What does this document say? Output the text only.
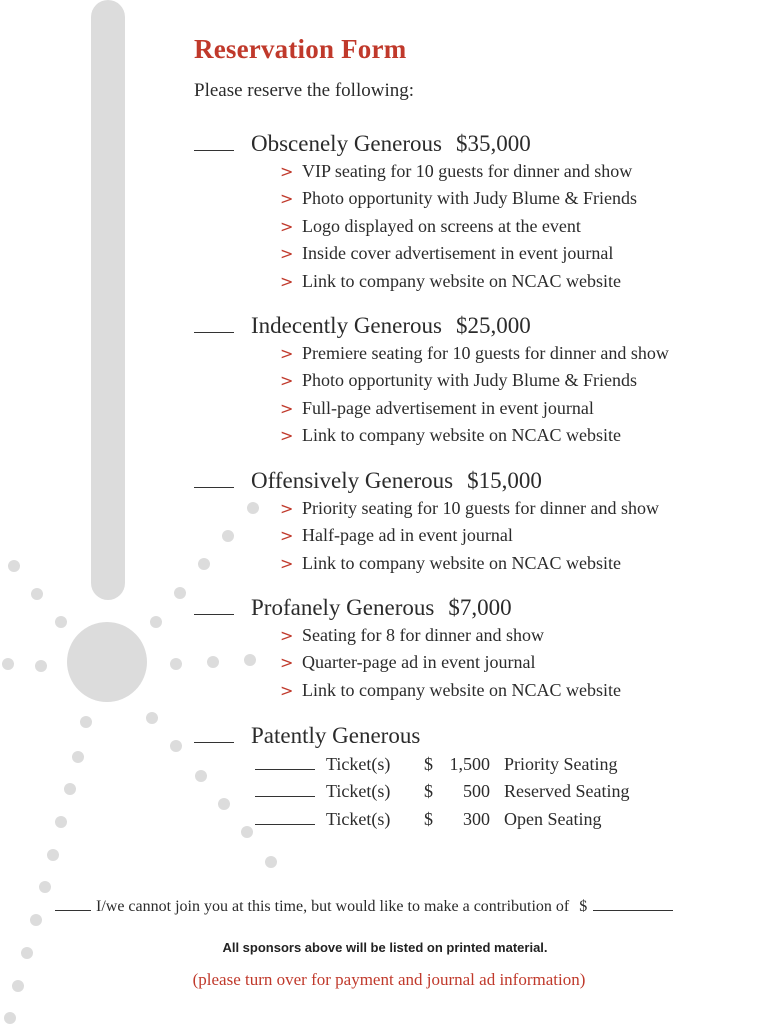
Reservation Form
Please reserve the following:
Obscenely Generous $35,000
> VIP seating for 10 guests for dinner and show
> Photo opportunity with Judy Blume & Friends
> Logo displayed on screens at the event
> Inside cover advertisement in event journal
> Link to company website on NCAC website
Indecently Generous $25,000
> Premiere seating for 10 guests for dinner and show
> Photo opportunity with Judy Blume & Friends
> Full-page advertisement in event journal
> Link to company website on NCAC website
Offensively Generous $15,000
> Priority seating for 10 guests for dinner and show
> Half-page ad in event journal
> Link to company website on NCAC website
Profanely Generous $7,000
> Seating for 8 for dinner and show
> Quarter-page ad in event journal
> Link to company website on NCAC website
Patently Generous
Ticket(s)	$ 1,500 Priority Seating
Ticket(s)	$	500 Reserved Seating
Ticket(s)	$	300 Open Seating
I/we cannot join you at this time, but would like to make a contribution of $
All sponsors above will be listed on printed material.
(please turn over for payment and journal ad information)
